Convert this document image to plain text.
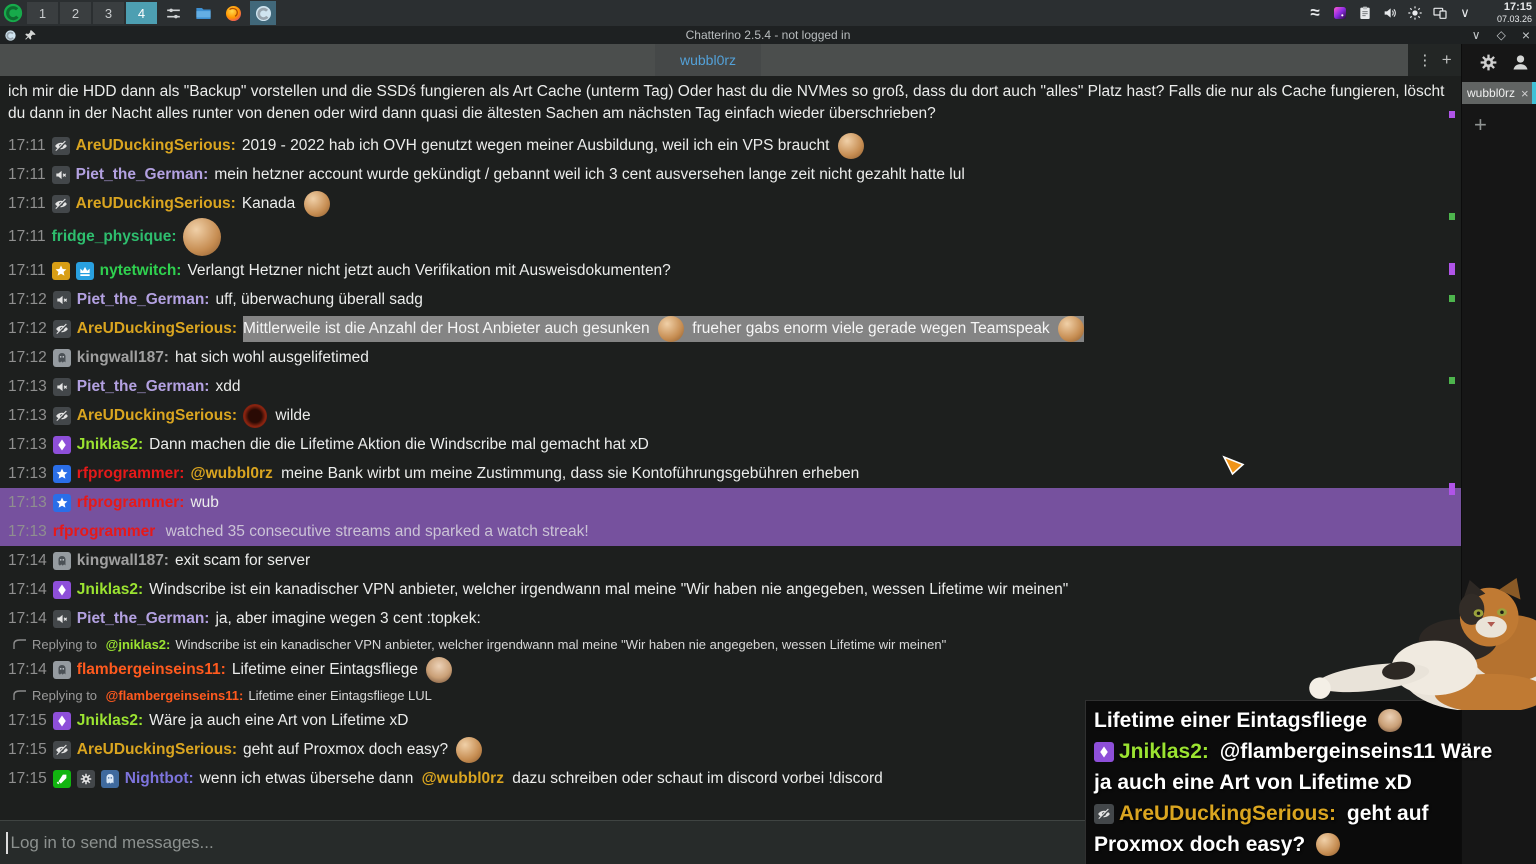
1	2	3	4	≈	∨	17:15
07.03.26
Chatterino 2.5.4 - not logged in	∨ ◇ ×
wubbl0rz	⋮ +
ich mir die HDD dann als "Backup" vorstellen und die SSDś fungieren als Art Cache (unterm Tag) Oder hast du die NVMes so groß, dass du dort auch "alles" Platz hast? Falls die nur als Cache fungieren, löscht du dann in der Nacht alles runter von denen oder wird dann quasi die ältesten Sachen am nächsten Tag einfach wieder überschrieben?
17:11 AreUDuckingSerious: 2019 - 2022 hab ich OVH genutzt wegen meiner Ausbildung, weil ich ein VPS braucht
17:11 Piet_the_German: mein hetzner account wurde gekündigt / gebannt weil ich 3 cent ausversehen lange zeit nicht gezahlt hatte lul
17:11 AreUDuckingSerious: Kanada
17:11 fridge_physique:
17:11	nytetwitch: Verlangt Hetzner nicht jetzt auch Verifikation mit Ausweisdokumenten?
17:12 Piet_the_German: uff, überwachung überall sadg
17:12 AreUDuckingSerious: Mittlerweile ist die Anzahl der Host Anbieter auch gesunken frueher gabs enorm viele gerade wegen Teamspeak
17:12 kingwall187: hat sich wohl ausgelifetimed
17:13 Piet_the_German: xdd
17:13 AreUDuckingSerious: wilde
17:13 Jniklas2: Dann machen die die Lifetime Aktion die Windscribe mal gemacht hat xD
17:13 rfprogrammer: @wubbl0rz meine Bank wirbt um meine Zustimmung, dass sie Kontoführungsgebühren erheben
17:13 rfprogrammer: wub
17:13 rfprogrammer watched 35 consecutive streams and sparked a watch streak!
17:14 kingwall187: exit scam for server
17:14 Jniklas2: Windscribe ist ein kanadischer VPN anbieter, welcher irgendwann mal meine "Wir haben nie angegeben, wessen Lifetime wir meinen"
17:14 Piet_the_German: ja, aber imagine wegen 3 cent :topkek:
Replying to @jniklas2: Windscribe ist ein kanadischer VPN anbieter, welcher irgendwann mal meine "Wir haben nie angegeben, wessen Lifetime wir meinen"
17:14 flambergeinseins11: Lifetime einer Eintagsfliege
Replying to @flambergeinseins11: Lifetime einer Eintagsfliege LUL
17:15 Jniklas2: Wäre ja auch eine Art von Lifetime xD
17:15 AreUDuckingSerious: geht auf Proxmox doch easy?
17:15	Nightbot: wenn ich etwas übersehe dann @wubbl0rz dazu schreiben oder schaut im discord vorbei !discord
Log in to send messages...
wubbl0rz ×
+
Lifetime einer Eintagsfliege
Jniklas2: @flambergeinseins11 Wäre
ja auch eine Art von Lifetime xD
AreUDuckingSerious: geht auf
Proxmox doch easy?
